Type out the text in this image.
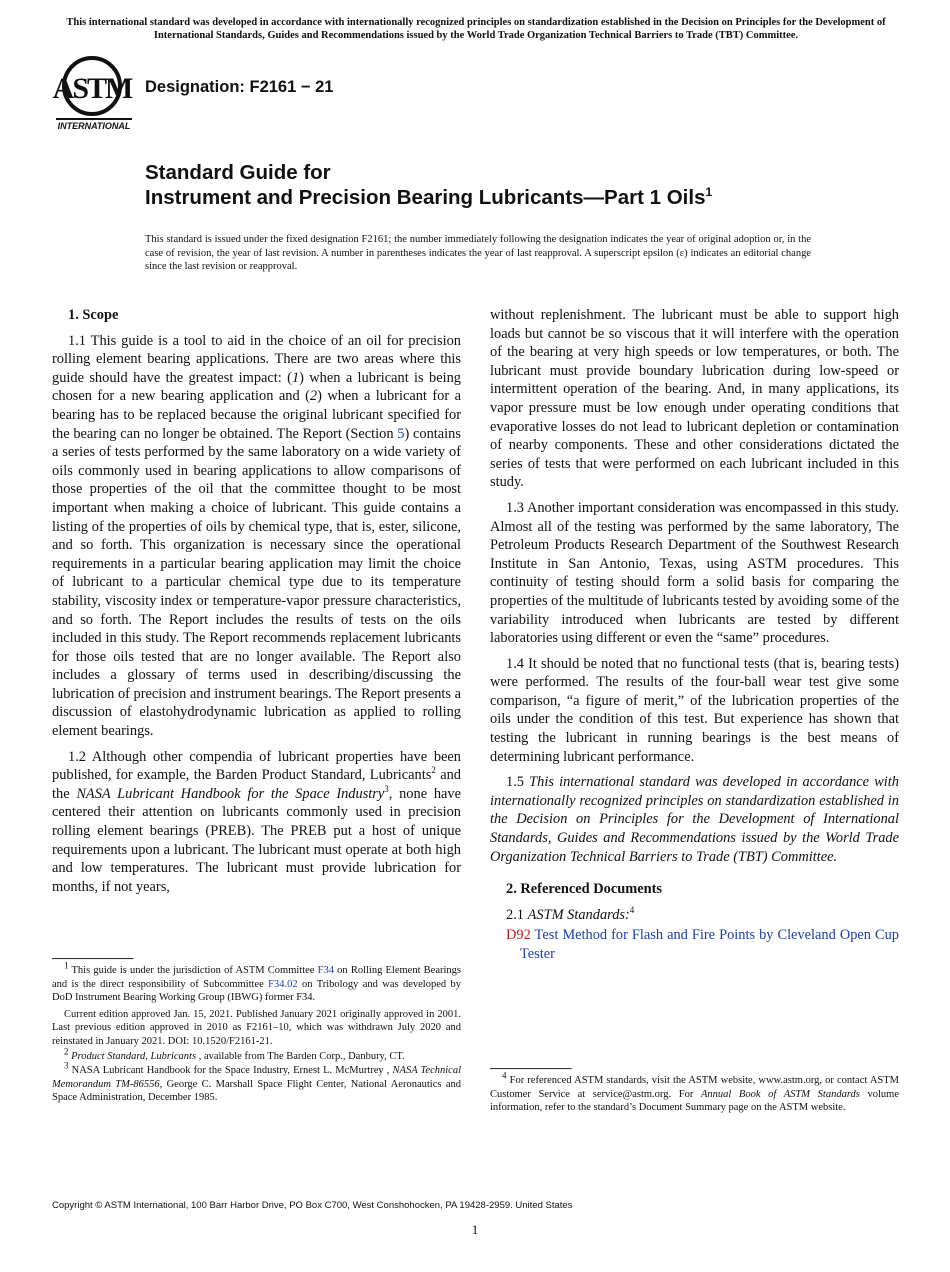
This international standard was developed in accordance with internationally recognized principles on standardization established in the Decision on Principles for the Development of International Standards, Guides and Recommendations issued by the World Trade Organization Technical Barriers to Trade (TBT) Committee.
ASTM
INTERNATIONAL
Designation: F2161 − 21
Standard Guide for
Instrument and Precision Bearing Lubricants—Part 1 Oils$^1$
This standard is issued under the fixed designation F2161; the number immediately following the designation indicates the year of original adoption or, in the case of revision, the year of last revision. A number in parentheses indicates the year of last reapproval. A superscript epsilon (ε) indicates an editorial change since the last revision or reapproval.

1. Scope

1.1 This guide is a tool to aid in the choice of an oil for precision rolling element bearing applications. There are two areas where this guide should have the greatest impact: (1) when a lubricant is being chosen for a new bearing application and (2) when a lubricant for a bearing has to be replaced because the original lubricant specified for the bearing can no longer be obtained. The Report (Section 5) contains a series of tests performed by the same laboratory on a wide variety of oils commonly used in bearing applications to allow comparisons of those properties of the oil that the committee thought to be most important when making a choice of lubricant. This guide contains a listing of the properties of oils by chemical type, that is, ester, silicone, and so forth. This organization is necessary since the operational requirements in a particular bearing application may limit the choice of lubricant to a particular chemical type due to its temperature stability, viscosity index or temperature-vapor pressure characteristics, and so forth. The Report includes the results of tests on the oils included in this study. The Report recommends replacement lubricants for those oils tested that are no longer available. The Report also includes a glossary of terms used in describing/discussing the lubrication of precision and instrument bearings. The Report presents a discussion of elastohydrodynamic lubrication as applied to rolling element bearings.

1.2 Although other compendia of lubricant properties have been published, for example, the Barden Product Standard, Lubricants$^2$ and the NASA Lubricant Handbook for the Space Industry$^3$, none have centered their attention on lubricants commonly used in precision rolling element bearings (PREB). The PREB put a host of unique requirements upon a lubricant. The lubricant must operate at both high and low temperatures. The lubricant must provide lubrication for months, if not years,

without replenishment. The lubricant must be able to support high loads but cannot be so viscous that it will interfere with the operation of the bearing at very high speeds or low temperatures, or both. The lubricant must provide boundary lubrication during low-speed or intermittent operation of the bearing. And, in many applications, its vapor pressure must be low enough under operating conditions that evaporative losses do not lead to lubricant depletion or contamination of nearby components. These and other considerations dictated the series of tests that were performed on each lubricant included in this study.

1.3 Another important consideration was encompassed in this study. Almost all of the testing was performed by the same laboratory, The Petroleum Products Research Department of the Southwest Research Institute in San Antonio, Texas, using ASTM procedures. This continuity of testing should form a solid basis for comparing the properties of the multitude of lubricants tested by avoiding some of the variability introduced when lubricants are tested by different laboratories using different or even the “same” procedures.

1.4 It should be noted that no functional tests (that is, bearing tests) were performed. The results of the four-ball wear test give some comparison, “a figure of merit,” of the lubrication properties of the oils under the condition of this test. But experience has shown that testing the lubricant in running bearings is the best means of determining lubricant performance.

1.5 This international standard was developed in accordance with internationally recognized principles on standardization established in the Decision on Principles for the Development of International Standards, Guides and Recommendations issued by the World Trade Organization Technical Barriers to Trade (TBT) Committee.

2. Referenced Documents

2.1 ASTM Standards:$^4$

D92 Test Method for Flash and Fire Points by Cleveland Open Cup Tester

$^1$ This guide is under the jurisdiction of ASTM Committee F34 on Rolling Element Bearings and is the direct responsibility of Subcommittee F34.02 on Tribology and was developed by DoD Instrument Bearing Working Group (IBWG) former F34.

Current edition approved Jan. 15, 2021. Published January 2021 originally approved in 2001. Last previous edition approved in 2010 as F2161–10, which was withdrawn July 2020 and reinstated in January 2021. DOI: 10.1520/F2161-21.

$^2$ Product Standard, Lubricants , available from The Barden Corp., Danbury, CT.

$^3$ NASA Lubricant Handbook for the Space Industry, Ernest L. McMurtrey , NASA Technical Memorandum TM-86556, George C. Marshall Space Flight Center, National Aeronautics and Space Administration, December 1985.

$^4$ For referenced ASTM standards, visit the ASTM website, www.astm.org, or contact ASTM Customer Service at service@astm.org. For Annual Book of ASTM Standards volume information, refer to the standard’s Document Summary page on the ASTM website.

Copyright © ASTM International, 100 Barr Harbor Drive, PO Box C700, West Conshohocken, PA 19428-2959. United States
1
